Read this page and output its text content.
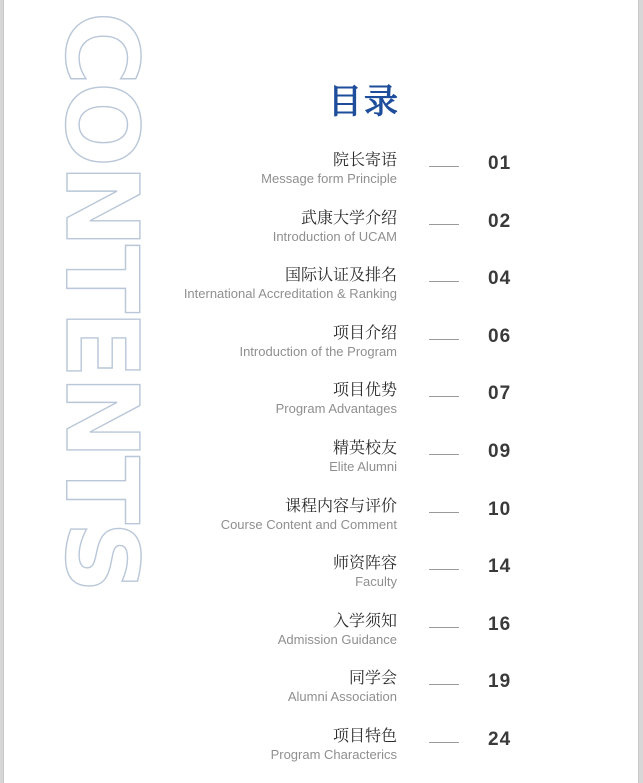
目录
CONTENTS	院长寄语
Message form Principle
01
武康大学介绍
Introduction of UCAM
02
国际认证及排名
International Accreditation & Ranking
04
项目介绍
Introduction of the Program
06
项目优势
Program Advantages
07
精英校友
Elite Alumni
09
课程内容与评价
Course Content and Comment
10
师资阵容
Faculty
14
入学须知
Admission Guidance
16
同学会
Alumni Association
19
项目特色
Program Characterics
24
